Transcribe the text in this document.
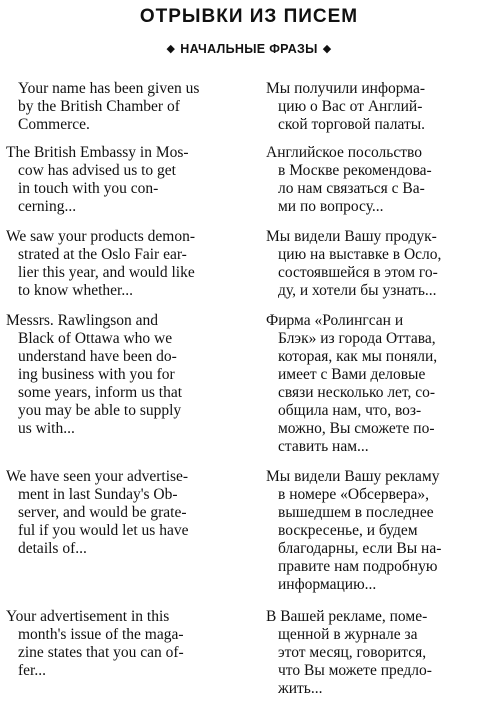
ОТРЫВКИ ИЗ ПИСЕМ
◆ НАЧАЛЬНЫЕ ФРАЗЫ ◆
Your name has been given us
by the British Chamber of
Commerce.
Мы получили информа-
цию о Вас от Англий-
ской торговой палаты.
The British Embassy in Mos-
cow has advised us to get
in touch with you con-
cerning...
Английское посольство
в Москве рекомендова-
ло нам связаться с Ва-
ми по вопросу...
We saw your products demon-
strated at the Oslo Fair ear-
lier this year, and would like
to know whether...
Мы видели Вашу продук-
цию на выставке в Осло,
состоявшейся в этом го-
ду, и хотели бы узнать...
Messrs. Rawlingson and
Black of Ottawa who we
understand have been do-
ing business with you for
some years, inform us that
you may be able to supply
us with...
Фирма «Ролингсан и
Блэк» из города Оттава,
которая, как мы поняли,
имеет с Вами деловые
связи несколько лет, со-
общила нам, что, воз-
можно, Вы сможете по-
ставить нам...
We have seen your advertise-
ment in last Sunday's Ob-
server, and would be grate-
ful if you would let us have
details of...
Мы видели Вашу рекламу
в номере «Обсервера»,
вышедшем в последнее
воскресенье, и будем
благодарны, если Вы на-
правите нам подробную
информацию...
Your advertisement in this
month's issue of the maga-
zine states that you can of-
fer...
В Вашей рекламе, поме-
щенной в журнале за
этот месяц, говорится,
что Вы можете предло-
жить...
